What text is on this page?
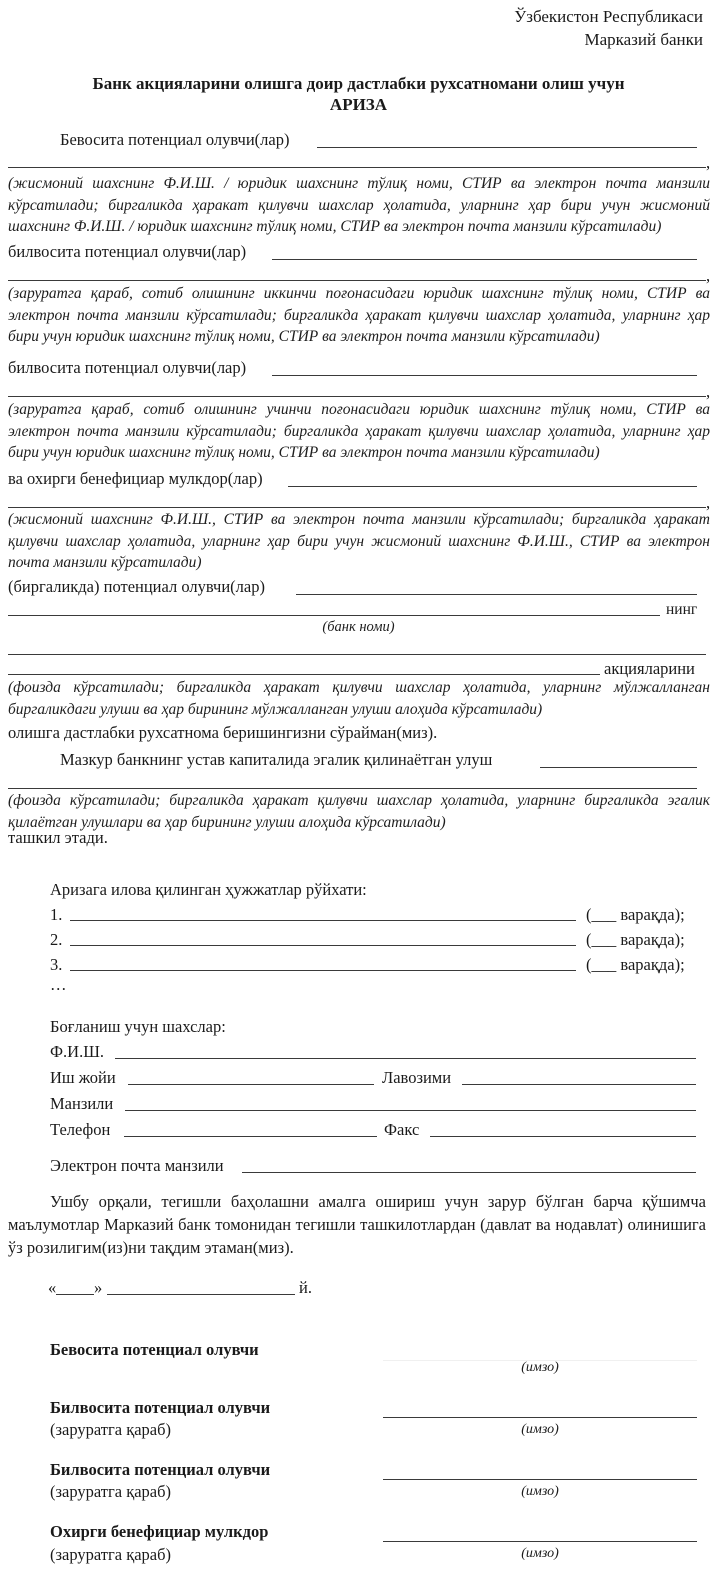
Ўзбекистон Республикаси
Марказий банки
Банк акцияларини олишга доир дастлабки рухсатномани олиш учун
АРИЗА
Бевосита потенциал олувчи(лар)
,
(жисмоний шахснинг Ф.И.Ш. / юридик шахснинг тўлиқ номи, СТИР ва электрон почта манзили кўрсатилади; биргаликда ҳаракат қилувчи шахслар ҳолатида, уларнинг ҳар бири учун жисмоний шахснинг Ф.И.Ш. / юридик шахснинг тўлиқ номи, СТИР ва электрон почта манзили кўрсатилади)
билвосита потенциал олувчи(лар)
,
(заруратга қараб, сотиб олишнинг иккинчи поғонасидаги юридик шахснинг тўлиқ номи, СТИР ва электрон почта манзили кўрсатилади; биргаликда ҳаракат қилувчи шахслар ҳолатида, уларнинг ҳар бири учун юридик шахснинг тўлиқ номи, СТИР ва электрон почта манзили кўрсатилади)
билвосита потенциал олувчи(лар)
,
(заруратга қараб, сотиб олишнинг учинчи поғонасидаги юридик шахснинг тўлиқ номи, СТИР ва электрон почта манзили кўрсатилади; биргаликда ҳаракат қилувчи шахслар ҳолатида, уларнинг ҳар бири учун юридик шахснинг тўлиқ номи, СТИР ва электрон почта манзили кўрсатилади)
ва охирги бенефициар мулкдор(лар)
,
(жисмоний шахснинг Ф.И.Ш., СТИР ва электрон почта манзили кўрсатилади; биргаликда ҳаракат қилувчи шахслар ҳолатида, уларнинг ҳар бири учун жисмоний шахснинг Ф.И.Ш., СТИР ва электрон почта манзили кўрсатилади)
(биргаликда) потенциал олувчи(лар)
нинг
(банк номи)
акцияларини
(фоизда кўрсатилади; биргаликда ҳаракат қилувчи шахслар ҳолатида, уларнинг мўлжалланган биргаликдаги улуши ва ҳар бирининг мўлжалланган улуши алоҳида кўрсатилади)
олишга дастлабки рухсатнома беришингизни сўрайман(миз).
Мазкур банкнинг устав капиталида эгалик қилинаётган улуш
(фоизда кўрсатилади; биргаликда ҳаракат қилувчи шахслар ҳолатида, уларнинг биргаликда эгалик қилаётган улушлари ва ҳар бирининг улуши алоҳида кўрсатилади)
ташкил этади.
Аризага илова қилинган ҳужжатлар рўйхати:
1.	(___ варақда);
2.	(___ варақда);
3.	(___ варақда);
…
Боғланиш учун шахслар:
Ф.И.Ш.
Иш жойи	Лавозими
Манзили
Телефон	Факс
Электрон почта манзили
Ушбу орқали, тегишли баҳолашни амалга ошириш учун зарур бўлган барча қўшимча маълумотлар Марказий банк томонидан тегишли ташкилотлардан (давлат ва нодавлат) олинишига ўз розилигим(из)ни тақдим этаман(миз).
« »	й.
Бевосита потенциал олувчи
(имзо)
Билвосита потенциал олувчи
(заруратга қараб)	(имзо)
Билвосита потенциал олувчи
(заруратга қараб)	(имзо)
Охирги бенефициар мулкдор
(заруратга қараб)	(имзо)
